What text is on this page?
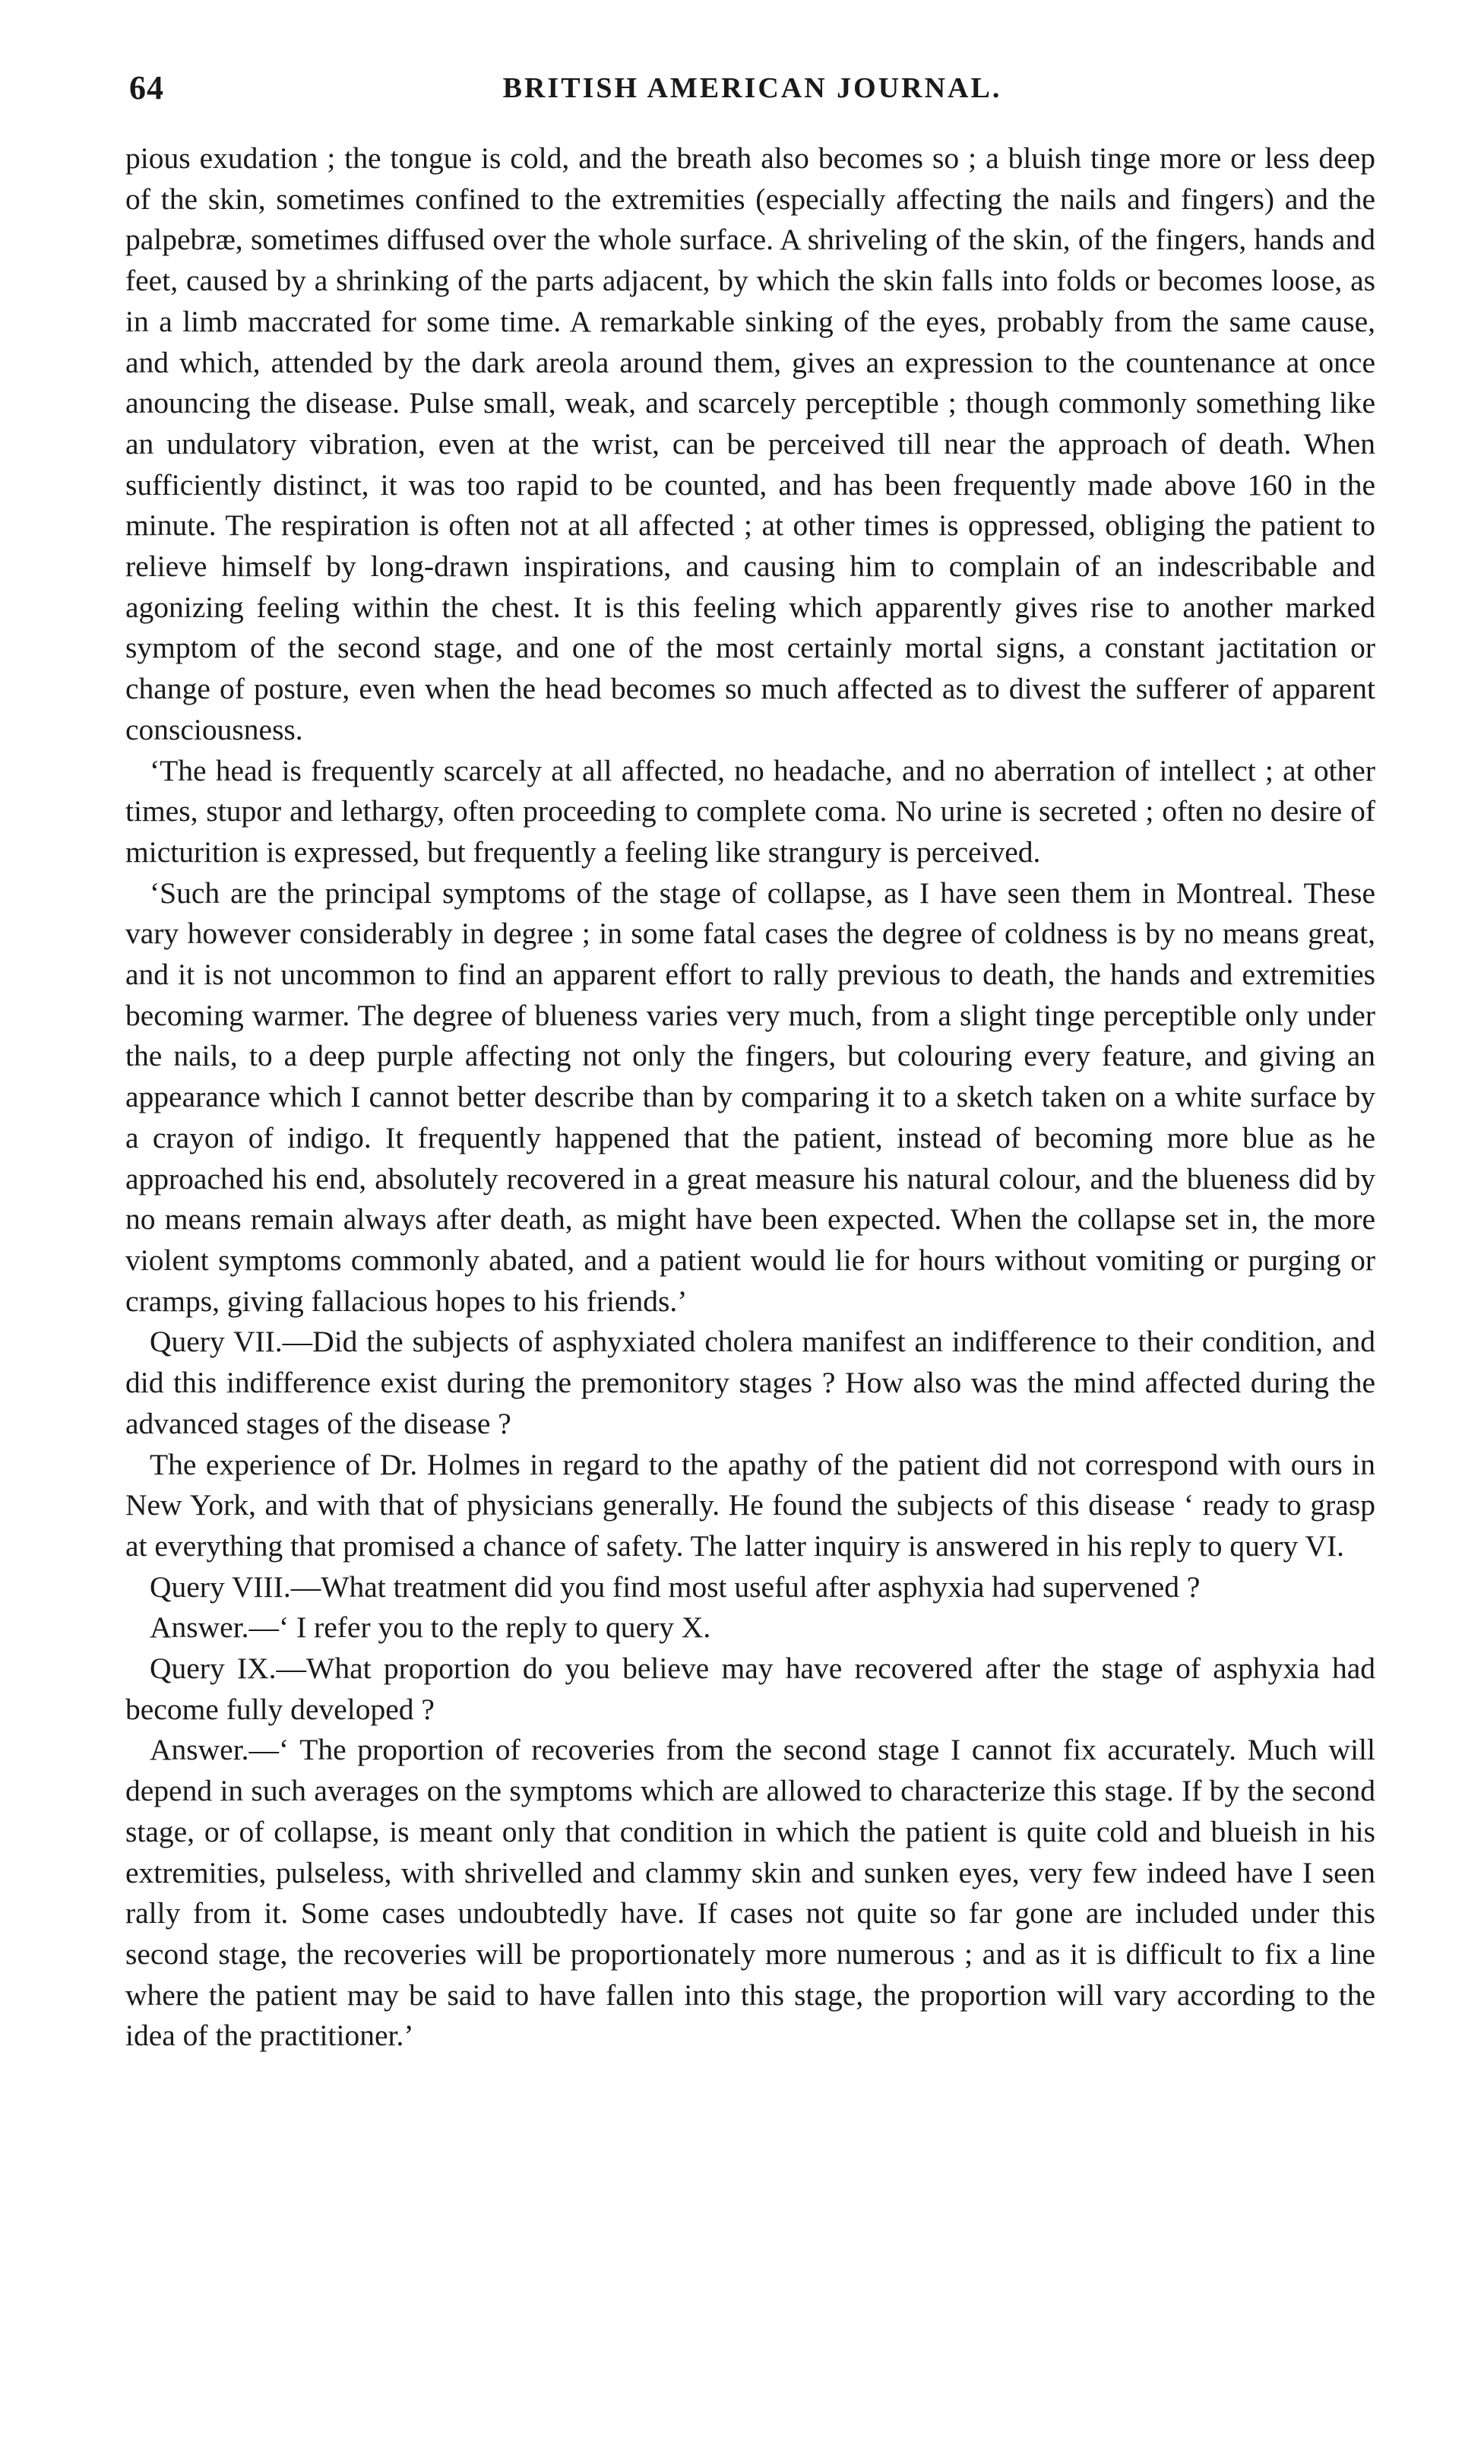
64	BRITISH AMERICAN JOURNAL.

pious exudation ; the tongue is cold, and the breath also becomes so ; a bluish tinge more or less deep of the skin, sometimes confined to the extremities (especially affecting the nails and fingers) and the palpebræ, sometimes diffused over the whole surface. A shriveling of the skin, of the fingers, hands and feet, caused by a shrinking of the parts adjacent, by which the skin falls into folds or becomes loose, as in a limb maccrated for some time. A remarkable sinking of the eyes, probably from the same cause, and which, attended by the dark areola around them, gives an expression to the countenance at once anouncing the disease. Pulse small, weak, and scarcely perceptible ; though commonly something like an undulatory vibration, even at the wrist, can be perceived till near the approach of death. When sufficiently distinct, it was too rapid to be counted, and has been frequently made above 160 in the minute. The respiration is often not at all affected ; at other times is oppressed, obliging the patient to relieve himself by long-drawn inspirations, and causing him to complain of an indescribable and agonizing feeling within the chest. It is this feeling which apparently gives rise to another marked symptom of the second stage, and one of the most certainly mortal signs, a constant jactitation or change of posture, even when the head becomes so much affected as to divest the sufferer of apparent consciousness.

‘The head is frequently scarcely at all affected, no headache, and no aberration of intellect ; at other times, stupor and lethargy, often proceeding to complete coma. No urine is secreted ; often no desire of micturition is expressed, but frequently a feeling like strangury is perceived.

‘Such are the principal symptoms of the stage of collapse, as I have seen them in Montreal. These vary however considerably in degree ; in some fatal cases the degree of coldness is by no means great, and it is not uncommon to find an apparent effort to rally previous to death, the hands and extremities becoming warmer. The degree of blueness varies very much, from a slight tinge perceptible only under the nails, to a deep purple affecting not only the fingers, but colouring every feature, and giving an appearance which I cannot better describe than by comparing it to a sketch taken on a white surface by a crayon of indigo. It frequently happened that the patient, instead of becoming more blue as he approached his end, absolutely recovered in a great measure his natural colour, and the blueness did by no means remain always after death, as might have been expected. When the collapse set in, the more violent symptoms commonly abated, and a patient would lie for hours without vomiting or purging or cramps, giving fallacious hopes to his friends.’

Query VII.—Did the subjects of asphyxiated cholera manifest an indifference to their condition, and did this indifference exist during the premonitory stages ? How also was the mind affected during the advanced stages of the disease ?

The experience of Dr. Holmes in regard to the apathy of the patient did not correspond with ours in New York, and with that of physicians generally. He found the subjects of this disease ‘ ready to grasp at everything that promised a chance of safety. The latter inquiry is answered in his reply to query VI.

Query VIII.—What treatment did you find most useful after asphyxia had supervened ?

Answer.—‘ I refer you to the reply to query X.

Query IX.—What proportion do you believe may have recovered after the stage of asphyxia had become fully developed ?

Answer.—‘ The proportion of recoveries from the second stage I cannot fix accurately. Much will depend in such averages on the symptoms which are allowed to characterize this stage. If by the second stage, or of collapse, is meant only that condition in which the patient is quite cold and blueish in his extremities, pulseless, with shrivelled and clammy skin and sunken eyes, very few indeed have I seen rally from it. Some cases undoubtedly have. If cases not quite so far gone are included under this second stage, the recoveries will be proportionately more numerous ; and as it is difficult to fix a line where the patient may be said to have fallen into this stage, the proportion will vary according to the idea of the practitioner.’
